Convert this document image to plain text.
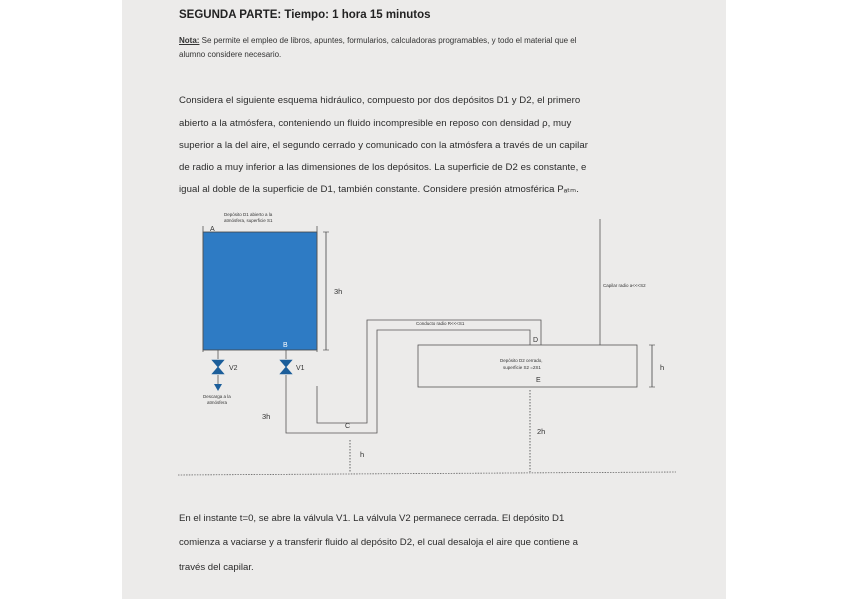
SEGUNDA PARTE: Tiempo: 1 hora 15 minutos
Nota: Se permite el empleo de libros, apuntes, formularios, calculadoras programables, y todo el material que el
alumno considere necesario.
Considera el siguiente esquema hidráulico, compuesto por dos depósitos D1 y D2, el primero
abierto a la atmósfera, conteniendo un fluido incompresible en reposo con densidad ρ, muy
superior a la del aire, el segundo cerrado y comunicado con la atmósfera a través de un capilar
de radio a muy inferior a las dimensiones de los depósitos. La superficie de D2 es constante, e
igual al doble de la superficie de D1, también constante. Considere presión atmosférica Pₐₜₘ.
Depósito D1 abierto a la
atmósfera, superficie S1
A
3h
B
V2
Descarga a la
atmósfera
V1
Conducto radio R<<<S1
C
D
3h
h
Depósito D2 cerrado,
superficie S2 =2S1
E
h
2h
Capilar radio a<<<S2
En el instante t=0, se abre la válvula V1. La válvula V2 permanece cerrada. El depósito D1
comienza a vaciarse y a transferir fluido al depósito D2, el cual desaloja el aire que contiene a
través del capilar.
